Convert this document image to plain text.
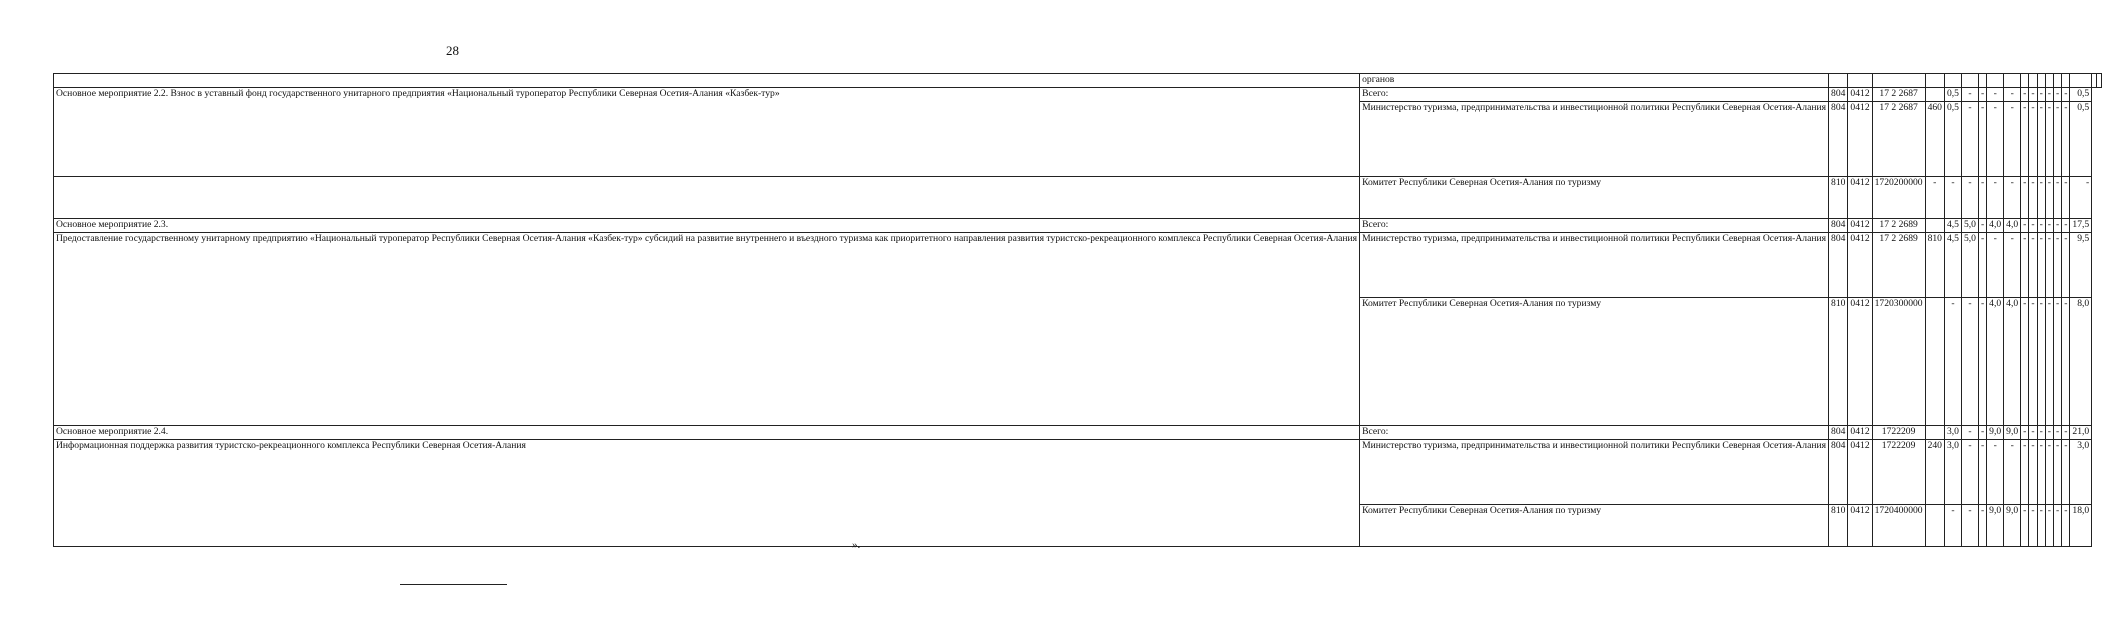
28
	органов																		
Основное мероприятие 2.2. Взнос в уставный фонд государственного унитарного предприятия «Национальный туроператор Республики Северная Осетия-Алания «Казбек-тур»	Всего:	804	0412	17 2 2687		0,5	-	-	-	-	-	-	-	-	-	-	0,5		
	Министерство туризма, предпринимательства и инвестиционной политики Республики Северная Осетия-Алания	804	0412	17 2 2687	460	0,5	-	-	-	-	-	-	-	-	-	-	0,5		
	Комитет Республики Северная Осетия-Алания по туризму	810	0412	1720200000	-	-	-	-	-	-	-	-	-	-	-	-	-		
Основное мероприятие 2.3.	Всего:	804	0412	17 2 2689		4,5	5,0	-	4,0	4,0	-	-	-	-	-	-	17,5		
Предоставление государственному унитарному предприятию «Национальный туроператор Республики Северная Осетия-Алания «Казбек-тур» субсидий на развитие внутреннего и въездного туризма как приоритетного направления развития туристско-рекреационного комплекса Республики Северная Осетия-Алания	Министерство туризма, предпринимательства и инвестиционной политики Республики Северная Осетия-Алания	804	0412	17 2 2689	810	4,5	5,0	-	-	-	-	-	-	-	-	-	9,5		
	Комитет Республики Северная Осетия-Алания по туризму	810	0412	1720300000		-	-	-	4,0	4,0	-	-	-	-	-	-	8,0		
Основное мероприятие 2.4.	Всего:	804	0412	1722209		3,0	-	-	9,0	9,0	-	-	-	-	-	-	21,0		
Информационная поддержка развития туристско-рекреационного комплекса Республики Северная Осетия-Алания	Министерство туризма, предпринимательства и инвестиционной политики Республики Северная Осетия-Алания	804	0412	1722209	240	3,0	-	-	-	-	-	-	-	-	-	-	3,0		
	Комитет Республики Северная Осетия-Алания по туризму	810	0412	1720400000		-	-	-	9,0	9,0	-	-	-	-	-	-	18,0		
».
